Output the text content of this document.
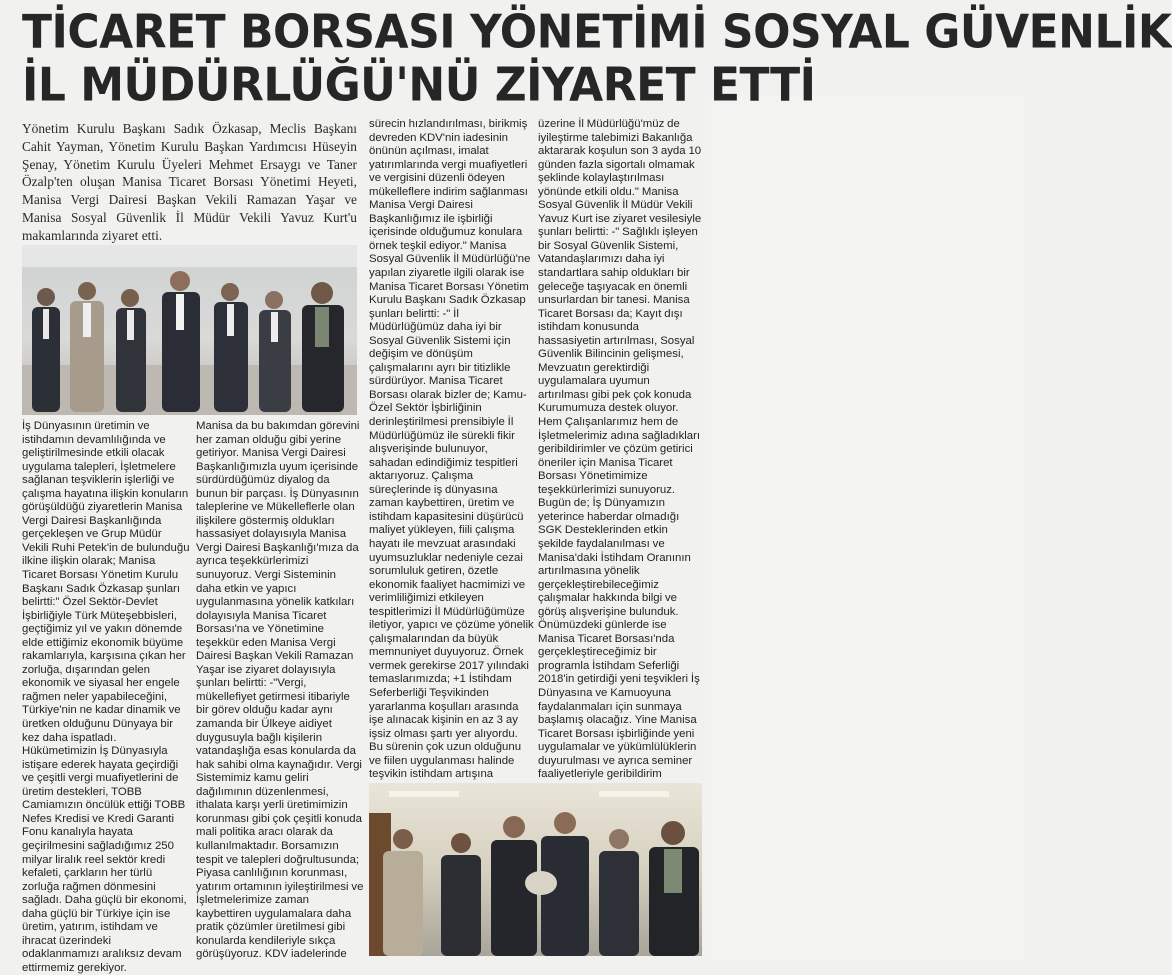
TİCARET BORSASI YÖNETİMİ SOSYAL GÜVENLİK
İL MÜDÜRLÜĞÜ'NÜ ZİYARET ETTİ
Yönetim Kurulu Başkanı Sadık Özkasap, Meclis Başkanı Cahit Yayman, Yönetim Kurulu Başkan Yardımcısı Hüseyin Şenay, Yönetim Kurulu Üyeleri Mehmet Ersaygı ve Taner Özalp'ten oluşan Manisa Ticaret Borsası Yönetimi Heyeti, Manisa Vergi Dairesi Başkan Vekili Ramazan Yaşar ve Manisa Sosyal Güvenlik İl Müdür Vekili Yavuz Kurt'u makamlarında ziyaret etti.

İş Dünyasının üretimin ve istihdamın devamlılığında ve geliştirilmesinde etkili olacak uygulama talepleri, İşletmelere sağlanan teşviklerin işlerliği ve çalışma hayatına ilişkin konuların görüşüldüğü ziyaretlerin Manisa Vergi Dairesi Başkanlığında gerçekleşen ve Grup Müdür Vekili Ruhi Petek'in de bulunduğu ilkine ilişkin olarak; Manisa Ticaret Borsası Yönetim Kurulu Başkanı Sadık Özkasap şunları belirtti:" Özel Sektör-Devlet İşbirliğiyle Türk Müteşebbisleri, geçtiğimiz yıl ve yakın dönemde elde ettiğimiz ekonomik büyüme rakamlarıyla, karşısına çıkan her zorluğa, dışarından gelen ekonomik ve siyasal her engele rağmen neler yapabileceğini, Türkiye'nin ne kadar dinamik ve üretken olduğunu Dünyaya bir kez daha ispatladı. Hükümetimizin İş Dünyasıyla istişare ederek hayata geçirdiği ve çeşitli vergi muafiyetlerini de üretim destekleri, TOBB Camiamızın öncülük ettiği TOBB Nefes Kredisi ve Kredi Garanti Fonu kanalıyla hayata geçirilmesini sağladığımız 250 milyar liralık reel sektör kredi kefaleti, çarkların her türlü zorluğa rağmen dönmesini sağladı. Daha güçlü bir ekonomi, daha güçlü bir Türkiye için ise üretim, yatırım, istihdam ve ihracat üzerindeki odaklanmamızı aralıksız devam ettirmemiz gerekiyor.

Manisa da bu bakımdan görevini her zaman olduğu gibi yerine getiriyor. Manisa Vergi Dairesi Başkanlığımızla uyum içerisinde sürdürdüğümüz diyalog da bunun bir parçası. İş Dünyasının taleplerine ve Mükelleflerle olan ilişkilere göstermiş oldukları hassasiyet dolayısıyla Manisa Vergi Dairesi Başkanlığı'mıza da ayrıca teşekkürlerimizi sunuyoruz. Vergi Sisteminin daha etkin ve yapıcı uygulanmasına yönelik katkıları dolayısıyla Manisa Ticaret Borsası'na ve Yönetimine teşekkür eden Manisa Vergi Dairesi Başkan Vekili Ramazan Yaşar ise ziyaret dolayısıyla şunları belirtti: -"Vergi, mükellefiyet getirmesi itibariyle bir görev olduğu kadar aynı zamanda bir Ülkeye aidiyet duygusuyla bağlı kişilerin vatandaşlığa esas konularda da hak sahibi olma kaynağıdır. Vergi Sistemimiz kamu geliri dağılımının düzenlenmesi, ithalata karşı yerli üretimimizin korunması gibi çok çeşitli konuda mali politika aracı olarak da kullanılmaktadır. Borsamızın tespit ve talepleri doğrultusunda; Piyasa canlılığının korunması, yatırım ortamının iyileştirilmesi ve İşletmelerimize zaman kaybettiren uygulamalara daha pratik çözümler üretilmesi gibi konularda kendileriyle sıkça görüşüyoruz. KDV iadelerinde

sürecin hızlandırılması, birikmiş devreden KDV'nin iadesinin önünün açılması, imalat yatırımlarında vergi muafiyetleri ve vergisini düzenli ödeyen mükelleflere indirim sağlanması Manisa Vergi Dairesi Başkanlığımız ile işbirliği içerisinde olduğumuz konulara örnek teşkil ediyor." Manisa Sosyal Güvenlik İl Müdürlüğü'ne yapılan ziyaretle ilgili olarak ise Manisa Ticaret Borsası Yönetim Kurulu Başkanı Sadık Özkasap şunları belirtti: -" İl Müdürlüğümüz daha iyi bir Sosyal Güvenlik Sistemi için değişim ve dönüşüm çalışmalarını ayrı bir titizlikle sürdürüyor. Manisa Ticaret Borsası olarak bizler de; Kamu-Özel Sektör İşbirliğinin derinleştirilmesi prensibiyle İl Müdürlüğümüz ile sürekli fikir alışverişinde bulunuyor, sahadan edindiğimiz tespitleri aktarıyoruz. Çalışma süreçlerinde iş dünyasına zaman kaybettiren, üretim ve istihdam kapasitesini düşürücü maliyet yükleyen, fiili çalışma hayatı ile mevzuat arasındaki uyumsuzluklar nedeniyle cezai sorumluluk getiren, özetle ekonomik faaliyet hacmimizi ve verimliliğimizi etkileyen tespitlerimizi İl Müdürlüğümüze iletiyor, yapıcı ve çözüme yönelik çalışmalarından da büyük memnuniyet duyuyoruz. Örnek vermek gerekirse 2017 yılındaki temaslarımızda; +1 İstihdam Seferberliği Teşvikinden yararlanma koşulları arasında işe alınacak kişinin en az 3 ay işsiz olması şartı yer alıyordu. Bu sürenin çok uzun olduğunu ve fiilen uygulanması halinde teşvikin istihdam artışına

üzerine İl Müdürlüğü'müz de iyileştirme talebimizi Bakanlığa aktararak koşulun son 3 ayda 10 günden fazla sigortalı olmamak şeklinde kolaylaştırılması yönünde etkili oldu." Manisa Sosyal Güvenlik İl Müdür Vekili Yavuz Kurt ise ziyaret vesilesiyle şunları belirtti: -" Sağlıklı işleyen bir Sosyal Güvenlik Sistemi, Vatandaşlarımızı daha iyi standartlara sahip oldukları bir geleceğe taşıyacak en önemli unsurlardan bir tanesi. Manisa Ticaret Borsası da; Kayıt dışı istihdam konusunda hassasiyetin artırılması, Sosyal Güvenlik Bilincinin gelişmesi, Mevzuatın gerektirdiği uygulamalara uyumun artırılması gibi pek çok konuda Kurumumuza destek oluyor. Hem Çalışanlarımız hem de İşletmelerimiz adına sağladıkları geribildirimler ve çözüm getirici öneriler için Manisa Ticaret Borsası Yönetimimize teşekkürlerimizi sunuyoruz. Bugün de; İş Dünyamızın yeterince haberdar olmadığı SGK Desteklerinden etkin şekilde faydalanılması ve Manisa'daki İstihdam Oranının artırılmasına yönelik gerçekleştirebileceğimiz çalışmalar hakkında bilgi ve görüş alışverişine bulunduk. Önümüzdeki günlerde ise Manisa Ticaret Borsası'nda gerçekleştireceğimiz bir programla İstihdam Seferliği 2018'in getirdiği yeni teşvikleri İş Dünyasına ve Kamuoyuna faydalanmaları için sunmaya başlamış olacağız. Yine Manisa Ticaret Borsası işbirliğinde yeni uygulamalar ve yükümlülüklerin duyurulması ve ayrıca seminer faaliyetleriyle geribildirim
